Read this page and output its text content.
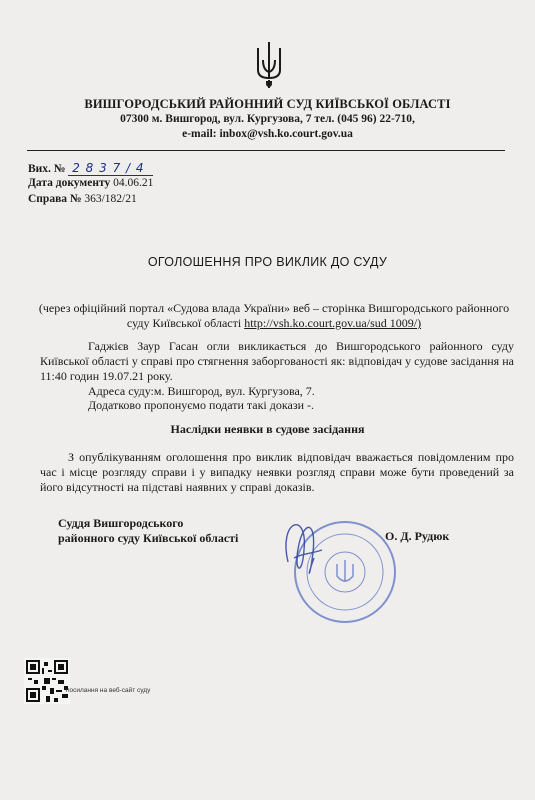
ВИШГОРОДСЬКИЙ РАЙОННИЙ СУД КИЇВСЬКОЇ ОБЛАСТІ
07300 м. Вишгород, вул. Кургузова, 7 тел. (045 96) 22-710,
e-mail: inbox@vsh.ko.court.gov.ua
Вих. № 2 8 3 7 / 4
Дата документу 04.06.21
Справа № 363/182/21
ОГОЛОШЕННЯ ПРО ВИКЛИК ДО СУДУ
(через офіційний портал «Судова влада України» веб – сторінка Вишгородського районного суду Київської області http://vsh.ko.court.gov.ua/sud 1009/)
Гаджієв Заур Гасан огли викликається до Вишгородського районного суду Київської області у справі про стягнення заборгованості як: відповідач у судове засідання на 11:40 годин 19.07.21 року.
Адреса суду:м. Вишгород, вул. Кургузова, 7.
Додатково пропонуємо подати такі докази -.
Наслідки неявки в судове засідання
З опублікуванням оголошення про виклик відповідач вважається повідомленим про час і місце розгляду справи і у випадку неявки розгляд справи може бути проведений за його відсутності на підставі наявних у справі доказів.
Суддя Вишгородського
районного суду Київської області	О. Д. Рудюк
посилання на веб-сайт суду
